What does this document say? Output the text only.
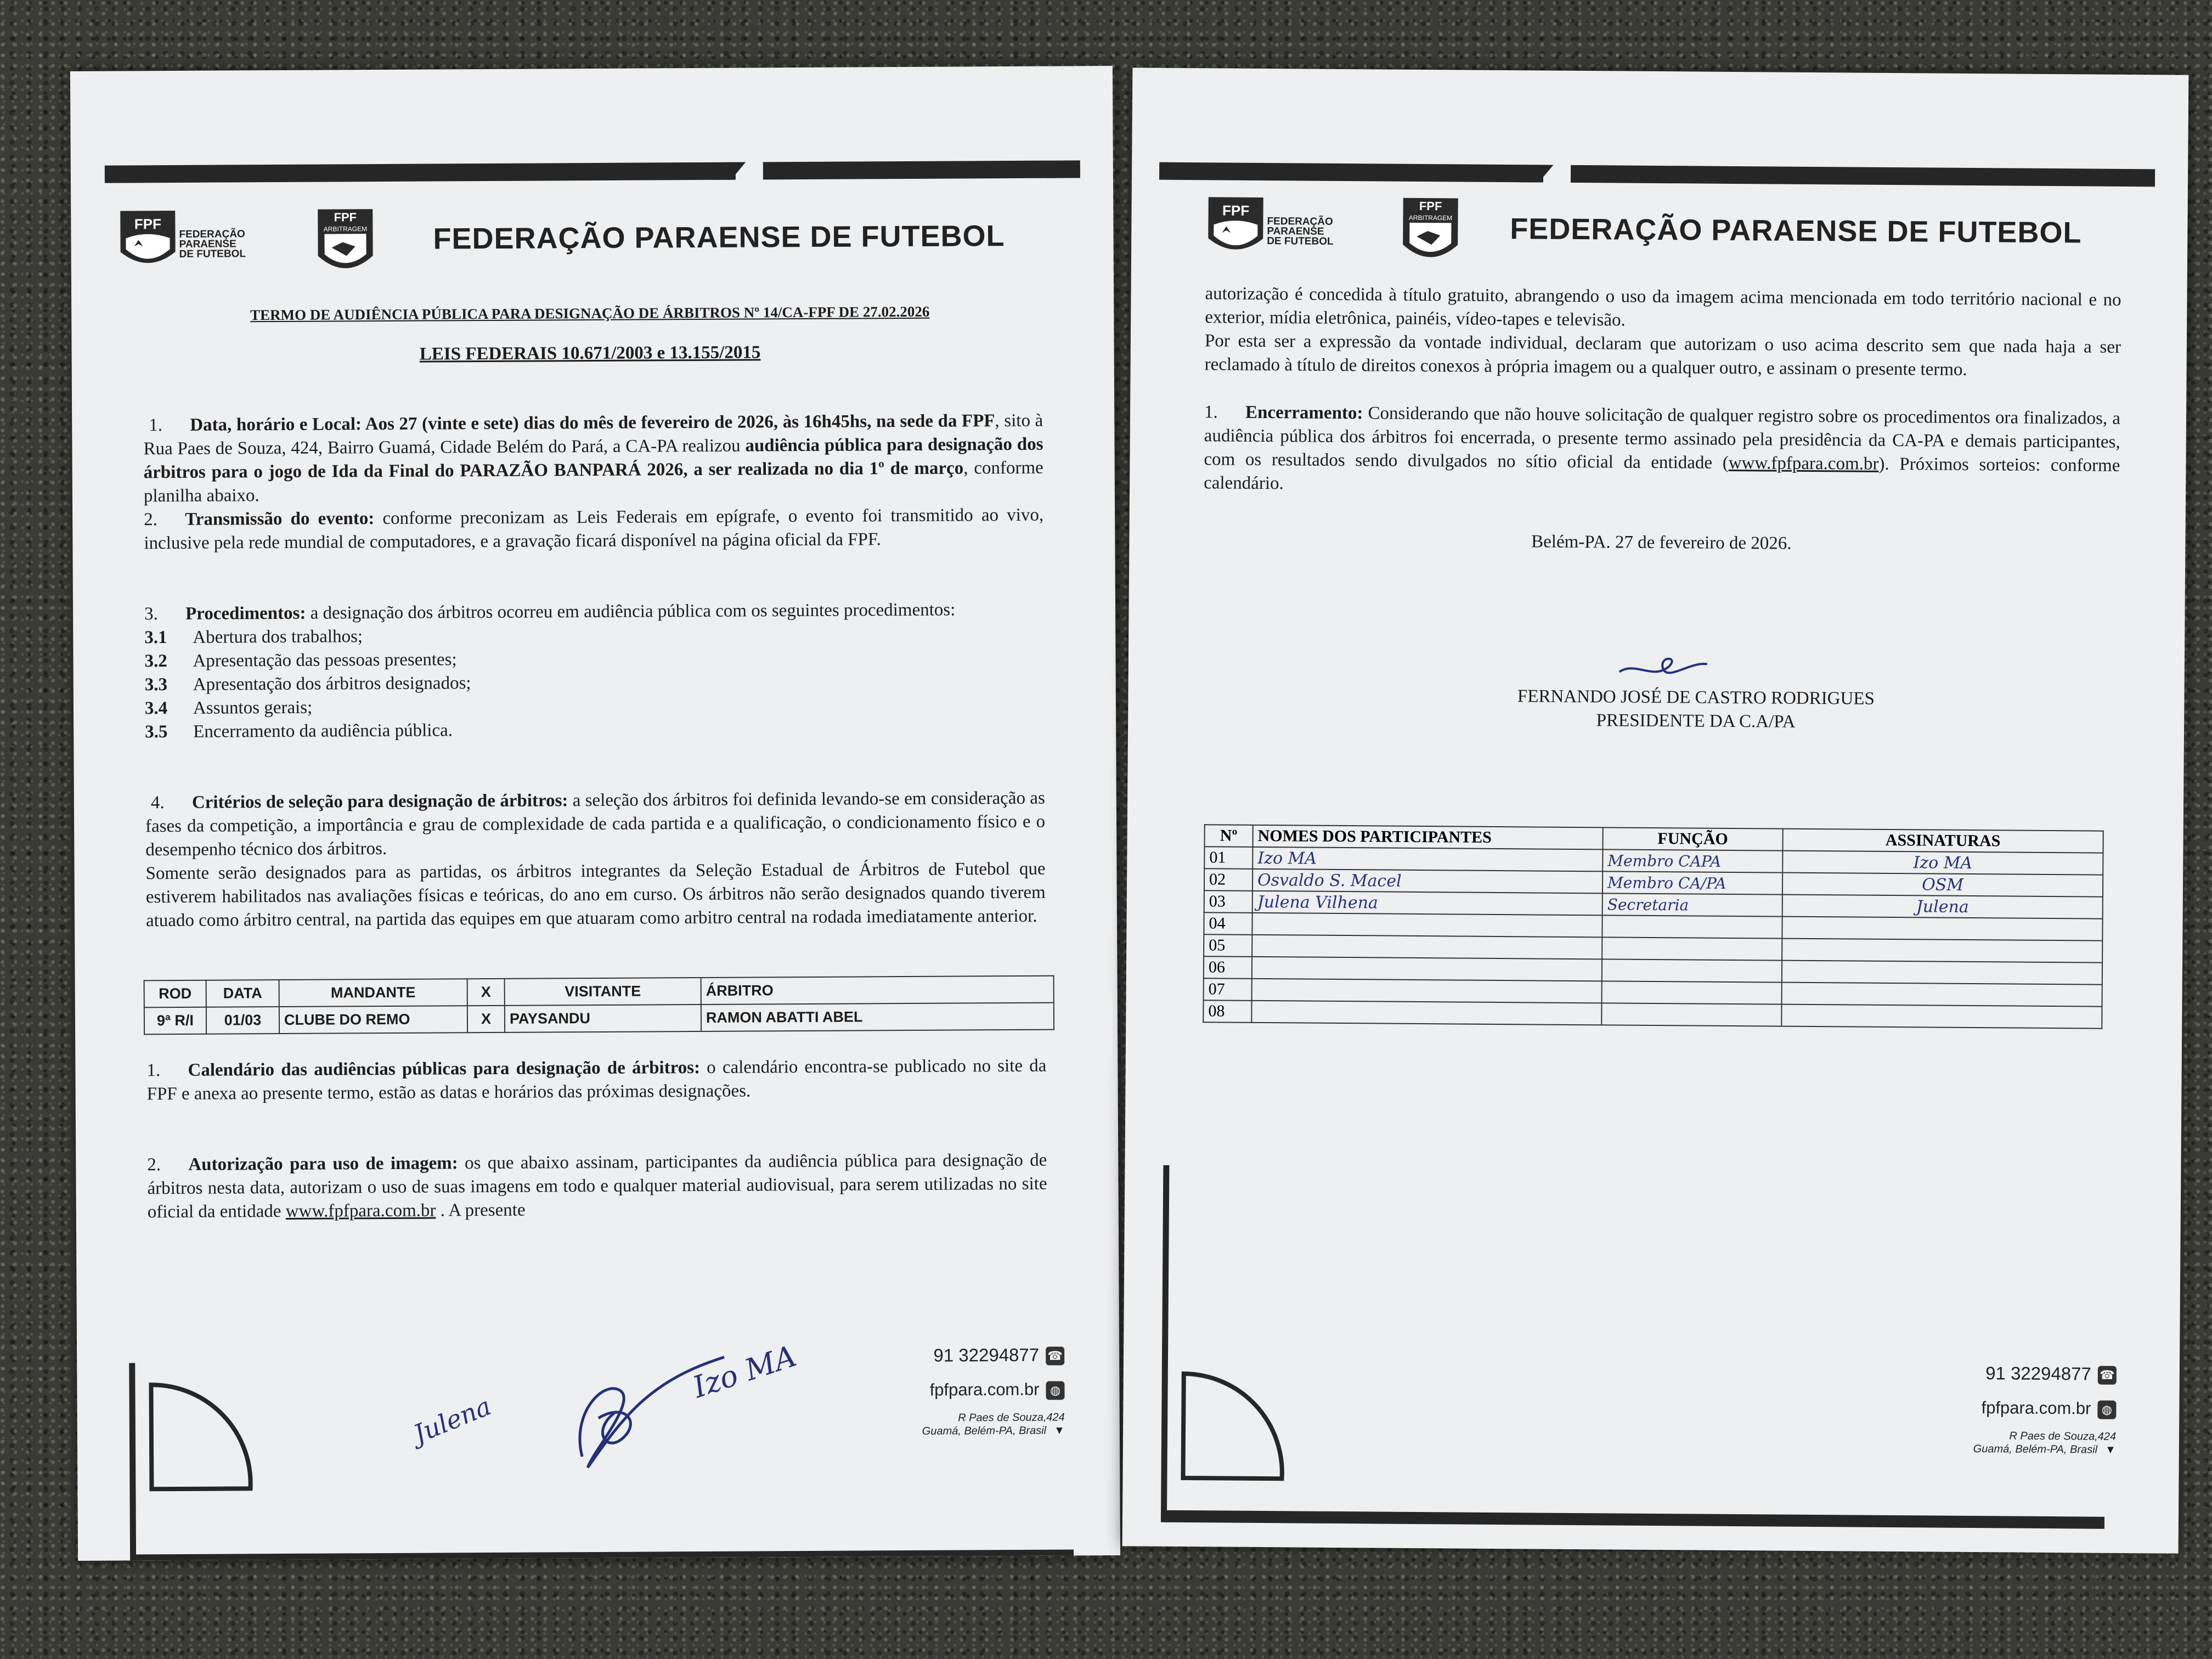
FPF
FEDERAÇÃO
PARAENSE
DE FUTEBOL
FPF
ARBITRAGEM FEDERAÇÃO PARAENSE DE FUTEBOL

TERMO DE AUDIÊNCIA PÚBLICA PARA DESIGNAÇÃO DE ÁRBITROS Nº 14/CA-FPF DE 27.02.2026

LEIS FEDERAIS 10.671/2003 e 13.155/2015

1. Data, horário e Local: Aos 27 (vinte e sete) dias do mês de fevereiro de 2026, às 16h45hs, na sede da FPF, sito à Rua Paes de Souza, 424, Bairro Guamá, Cidade Belém do Pará, a CA-PA realizou audiência pública para designação dos árbitros para o jogo de Ida da Final do PARAZÃO BANPARÁ 2026, a ser realizada no dia 1º de março, conforme planilha abaixo.

2. Transmissão do evento: conforme preconizam as Leis Federais em epígrafe, o evento foi transmitido ao vivo, inclusive pela rede mundial de computadores, e a gravação ficará disponível na página oficial da FPF.

3. Procedimentos: a designação dos árbitros ocorreu em audiência pública com os seguintes procedimentos:

3.1 Abertura dos trabalhos;
3.2 Apresentação das pessoas presentes;
3.3 Apresentação dos árbitros designados;
3.4 Assuntos gerais;
3.5 Encerramento da audiência pública.

4. Critérios de seleção para designação de árbitros: a seleção dos árbitros foi definida levando-se em consideração as fases da competição, a importância e grau de complexidade de cada partida e a qualificação, o condicionamento físico e o desempenho técnico dos árbitros.

Somente serão designados para as partidas, os árbitros integrantes da Seleção Estadual de Árbitros de Futebol que estiverem habilitados nas avaliações físicas e teóricas, do ano em curso. Os árbitros não serão designados quando tiverem atuado como árbitro central, na partida das equipes em que atuaram como arbitro central na rodada imediatamente anterior.

ROD	DATA	MANDANTE	X	VISITANTE	ÁRBITRO
9ª R/I	01/03	CLUBE DO REMO	X	PAYSANDU	RAMON ABATTI ABEL

1. Calendário das audiências públicas para designação de árbitros: o calendário encontra-se publicado no site da FPF e anexa ao presente termo, estão as datas e horários das próximas designações.

2. Autorização para uso de imagem: os que abaixo assinam, participantes da audiência pública para designação de árbitros nesta data, autorizam o uso de suas imagens em todo e qualquer material audiovisual, para serem utilizadas no site oficial da entidade www.fpfpara.com.br . A presente

Julena
Izo MA	91 32294877 ☎
fpfpara.com.br ◍
R Paes de Souza,424
Guamá, Belém-PA, Brasil ▼
FPF
FEDERAÇÃO
PARAENSE
DE FUTEBOL
FPF
ARBITRAGEM FEDERAÇÃO PARAENSE DE FUTEBOL

autorização é concedida à título gratuito, abrangendo o uso da imagem acima mencionada em todo território nacional e no exterior, mídia eletrônica, painéis, vídeo-tapes e televisão.

Por esta ser a expressão da vontade individual, declaram que autorizam o uso acima descrito sem que nada haja a ser reclamado à título de direitos conexos à própria imagem ou a qualquer outro, e assinam o presente termo.

1. Encerramento: Considerando que não houve solicitação de qualquer registro sobre os procedimentos ora finalizados, a audiência pública dos árbitros foi encerrada, o presente termo assinado pela presidência da CA-PA e demais participantes, com os resultados sendo divulgados no sítio oficial da entidade (www.fpfpara.com.br). Próximos sorteios: conforme calendário.

Belém-PA. 27 de fevereiro de 2026.

FERNANDO JOSÉ DE CASTRO RODRIGUES

PRESIDENTE DA C.A/PA

Nº	NOMES DOS PARTICIPANTES	FUNÇÃO	ASSINATURAS
01	Izo MA	Membro CAPA	Izo MA
02	Osvaldo S. Macel	Membro CA/PA	OSM
03	Julena Vilhena	Secretaria	Julena
04			
05			
06			
07			
08			
91 32294877 ☎
fpfpara.com.br ◍
R Paes de Souza,424
Guamá, Belém-PA, Brasil ▼
